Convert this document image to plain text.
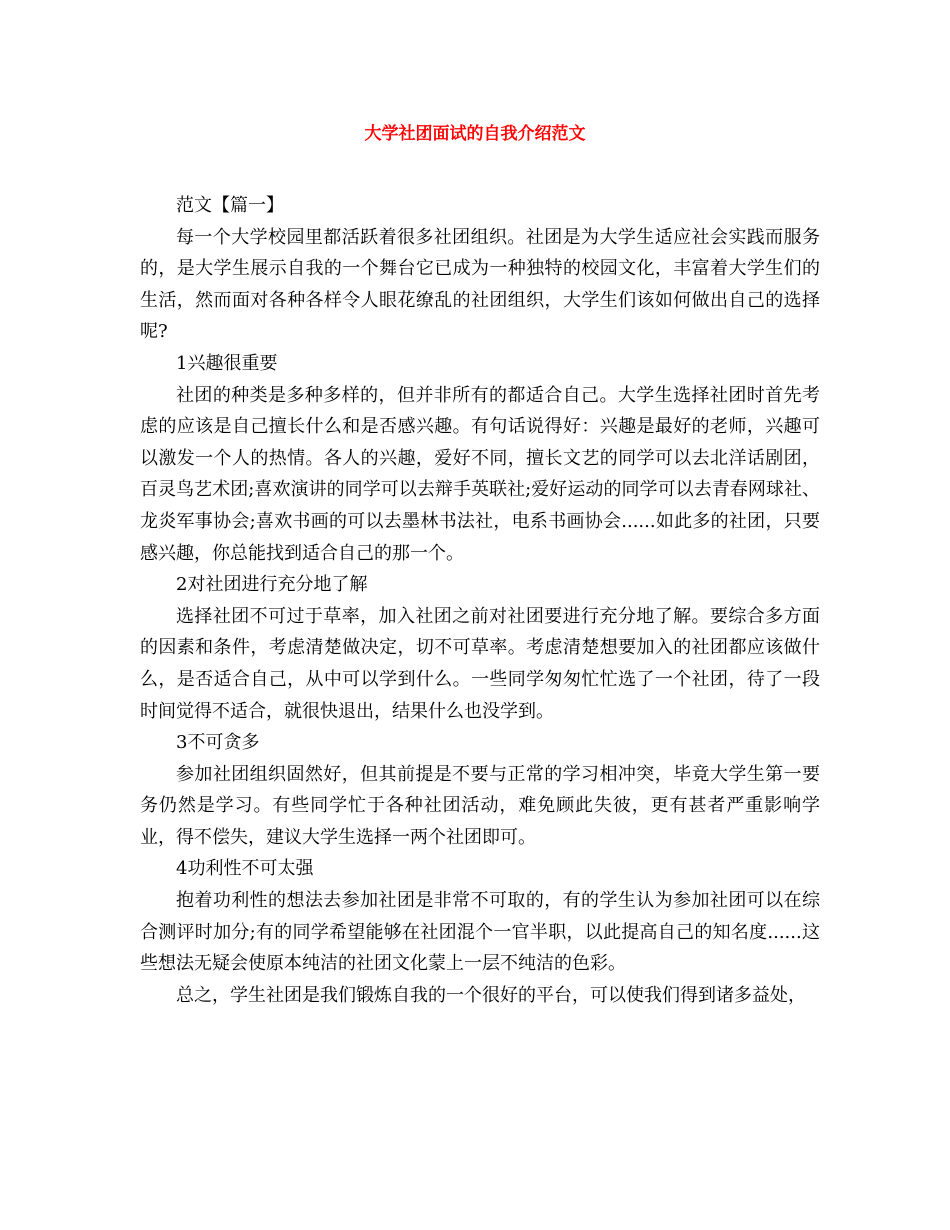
大学社团面试的自我介绍范文

范文【篇一】

每一个大学校园里都活跃着很多社团组织。社团是为大学生适应社会实践而服务的，是大学生展示自我的一个舞台它已成为一种独特的校园文化，丰富着大学生们的生活，然而面对各种各样令人眼花缭乱的社团组织，大学生们该如何做出自己的选择呢?

1兴趣很重要

社团的种类是多种多样的，但并非所有的都适合自己。大学生选择社团时首先考虑的应该是自己擅长什么和是否感兴趣。有句话说得好：兴趣是最好的老师，兴趣可以激发一个人的热情。各人的兴趣，爱好不同，擅长文艺的同学可以去北洋话剧团，百灵鸟艺术团;喜欢演讲的同学可以去辩手英联社;爱好运动的同学可以去青春网球社、龙炎军事协会;喜欢书画的可以去墨林书法社，电系书画协会......如此多的社团，只要感兴趣，你总能找到适合自己的那一个。

2对社团进行充分地了解

选择社团不可过于草率，加入社团之前对社团要进行充分地了解。要综合多方面的因素和条件，考虑清楚做决定，切不可草率。考虑清楚想要加入的社团都应该做什么，是否适合自己，从中可以学到什么。一些同学匆匆忙忙选了一个社团，待了一段时间觉得不适合，就很快退出，结果什么也没学到。

3不可贪多

参加社团组织固然好，但其前提是不要与正常的学习相冲突，毕竟大学生第一要务仍然是学习。有些同学忙于各种社团活动，难免顾此失彼，更有甚者严重影响学业，得不偿失，建议大学生选择一两个社团即可。

4功利性不可太强

抱着功利性的想法去参加社团是非常不可取的，有的学生认为参加社团可以在综合测评时加分;有的同学希望能够在社团混个一官半职，以此提高自己的知名度......这些想法无疑会使原本纯洁的社团文化蒙上一层不纯洁的色彩。

总之，学生社团是我们锻炼自我的一个很好的平台，可以使我们得到诸多益处，
